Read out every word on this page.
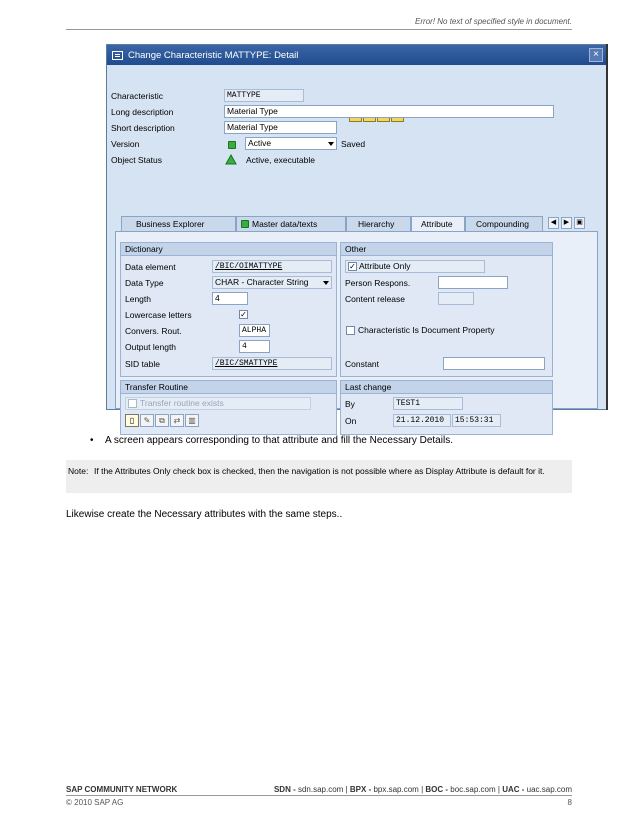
Error! No text of specified style in document.
Change Characteristic MATTYPE: Detail	×
Characteristic	MATTYPE
Long description	Material Type
Short description	Material Type
Version	Active	Saved
Object Status	Active, executable
Business Explorer	Master data/texts	Hierarchy	Attribute	Compounding	◀	▶	▣
Dictionary
Data element	/BIC/OIMATTYPE
Data Type	CHAR - Character String
Length	4
Lowercase letters	✓
Convers. Rout.	ALPHA
Output length	4
SID table	/BIC/SMATTYPE
Other
✓ Attribute Only
Person Respons.
Content release
Characteristic Is Document Property
Constant
Transfer Routine
Transfer routine exists
▯	✎	⧉	⇄ ▥
Last change
By	TEST1
On	21.12.2010	15:53:31
• A screen appears corresponding to that attribute and fill the Necessary Details.
Note: If the Attributes Only check box is checked, then the navigation is not possible where as Display Attribute is default for it.
Likewise create the Necessary attributes with the same steps..
SAP COMMUNITY NETWORK	SDN - sdn.sap.com | BPX - bpx.sap.com | BOC - boc.sap.com | UAC - uac.sap.com
© 2010 SAP AG	8
